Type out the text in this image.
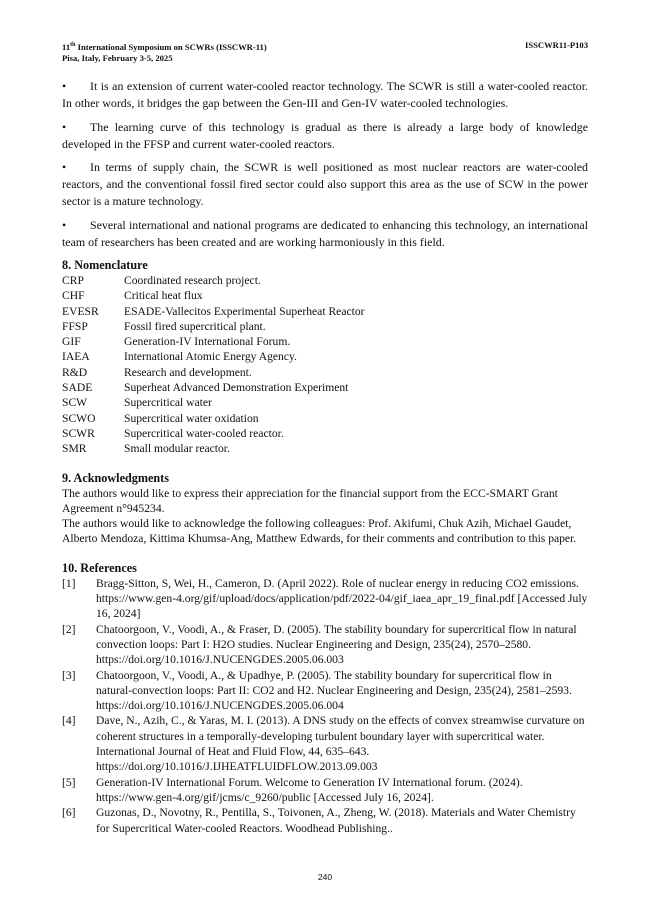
11th International Symposium on SCWRs (ISSCWR-11)
Pisa, Italy, February 3-5, 2025
ISSCWR11-P103

• It is an extension of current water-cooled reactor technology. The SCWR is still a water-cooled reactor. In other words, it bridges the gap between the Gen-III and Gen-IV water-cooled technologies.

• The learning curve of this technology is gradual as there is already a large body of knowledge developed in the FFSP and current water-cooled reactors.

• In terms of supply chain, the SCWR is well positioned as most nuclear reactors are water-cooled reactors, and the conventional fossil fired sector could also support this area as the use of SCW in the power sector is a mature technology.

• Several international and national programs are dedicated to enhancing this technology, an international team of researchers has been created and are working harmoniously in this field.

8. Nomenclature
CRP	Coordinated research project.
CHF	Critical heat flux
EVESR	ESADE-Vallecitos Experimental Superheat Reactor
FFSP	Fossil fired supercritical plant.
GIF	Generation-IV International Forum.
IAEA	International Atomic Energy Agency.
R&D	Research and development.
SADE	Superheat Advanced Demonstration Experiment
SCW	Supercritical water
SCWO	Supercritical water oxidation
SCWR	Supercritical water-cooled reactor.
SMR	Small modular reactor.
9. Acknowledgments

The authors would like to express their appreciation for the financial support from the ECC-SMART Grant Agreement n°945234.

The authors would like to acknowledge the following colleagues: Prof. Akifumi, Chuk Azih, Michael Gaudet, Alberto Mendoza, Kittima Khumsa-Ang, Matthew Edwards, for their comments and contribution to this paper.

10. References
[1]	Bragg-Sitton, S, Wei, H., Cameron, D. (April 2022). Role of nuclear energy in reducing CO2 emissions. https://www.gen-4.org/gif/upload/docs/application/pdf/2022-04/gif_iaea_apr_19_final.pdf [Accessed July 16, 2024]
[2]	Chatoorgoon, V., Voodi, A., & Fraser, D. (2005). The stability boundary for supercritical flow in natural convection loops: Part I: H2O studies. Nuclear Engineering and Design, 235(24), 2570–2580. https://doi.org/10.1016/J.NUCENGDES.2005.06.003
[3]	Chatoorgoon, V., Voodi, A., & Upadhye, P. (2005). The stability boundary for supercritical flow in natural-convection loops: Part II: CO2 and H2. Nuclear Engineering and Design, 235(24), 2581–2593. https://doi.org/10.1016/J.NUCENGDES.2005.06.004
[4]	Dave, N., Azih, C., & Yaras, M. I. (2013). A DNS study on the effects of convex streamwise curvature on coherent structures in a temporally-developing turbulent boundary layer with supercritical water. International Journal of Heat and Fluid Flow, 44, 635–643. https://doi.org/10.1016/J.IJHEATFLUIDFLOW.2013.09.003
[5]	Generation-IV International Forum. Welcome to Generation IV International forum. (2024). https://www.gen-4.org/gif/jcms/c_9260/public [Accessed July 16, 2024].
[6]	Guzonas, D., Novotny, R., Pentilla, S., Toivonen, A., Zheng, W. (2018). Materials and Water Chemistry for Supercritical Water-cooled Reactors. Woodhead Publishing..
240
